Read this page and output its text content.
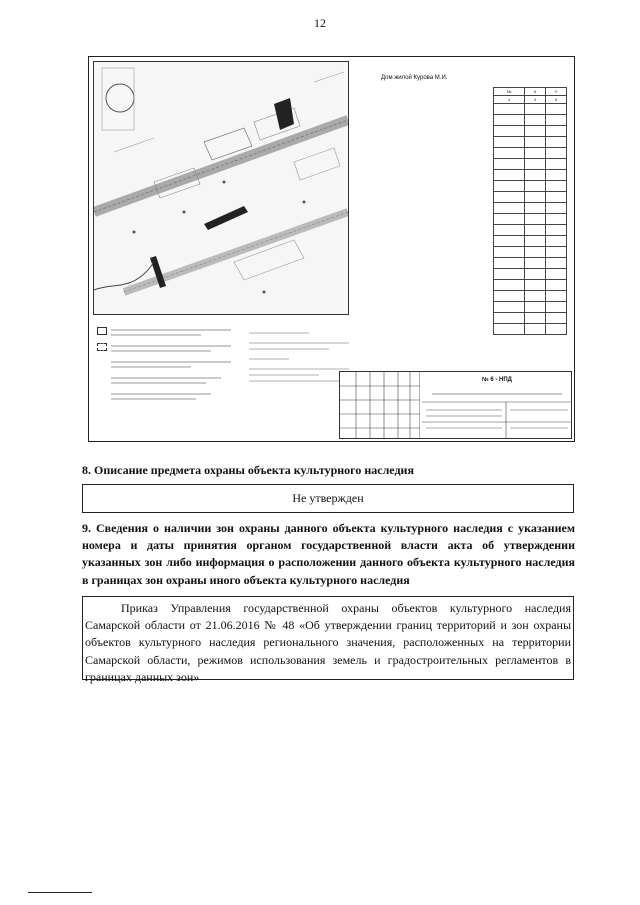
12
Дом жилой Курова М.И.
№	X	Y
1	2	3

№ 6 - НПД
8. Описание предмета охраны объекта культурного наследия
Не утвержден
9. Сведения о наличии зон охраны данного объекта культурного наследия с указанием номера и даты принятия органом государственной власти акта об утверждении указанных зон либо информация о расположении данного объекта культурного наследия в границах зон охраны иного объекта культурного наследия

Приказ Управления государственной охраны объектов культурного наследия Самарской области от 21.06.2016 № 48 «Об утверждении границ территорий и зон охраны объектов культурного наследия регионального значения, расположенных на территории Самарской области, режимов использования земель и градостроительных регламентов в границах данных зон»
